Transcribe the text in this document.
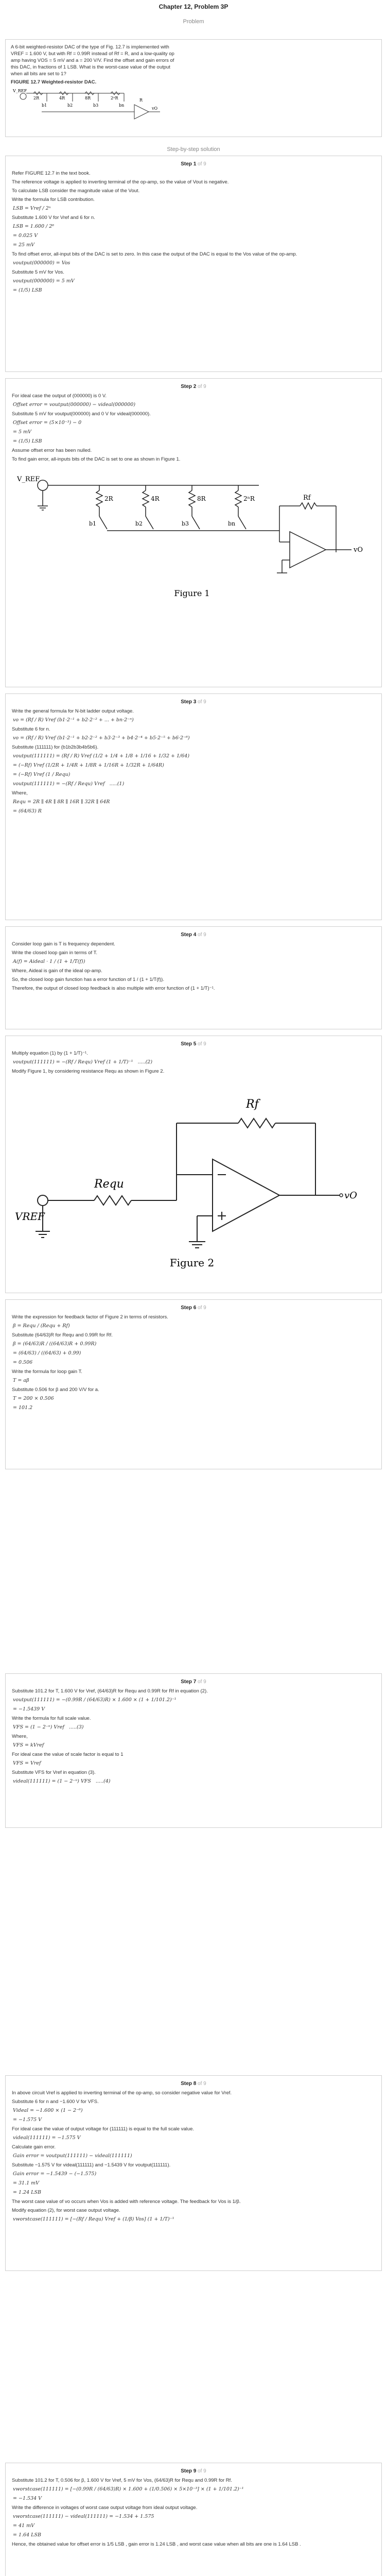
Chapter 12, Problem 3P
Problem
A 6-bit weighted-resistor DAC of the type of Fig. 12.7 is implemented with VREF = 1.600 V, but with Rf = 0.99R instead of Rf = R, and a low-quality op amp having VOS = 5 mV and a = 200 V/V. Find the offset and gain errors of this DAC, in fractions of 1 LSB. What is the worst-case value of the output when all bits are set to 1?
FIGURE 12.7 Weighted-resistor DAC.
V_REF
2R	4R	8R	2ⁿR
b1	b2	b3	bn
R
vO
Step-by-step solution
Step 1 of 9

Refer FIGURE 12.7 in the text book.

The reference voltage is applied to inverting terminal of the op-amp, so the value of Vout is negative.

To calculate LSB consider the magnitude value of the Vout.

Write the formula for LSB contribution.

LSB = Vref / 2ⁿ

Substitute 1.600 V for Vref and 6 for n.

LSB = 1.600 / 2⁶
= 0.025 V
= 25 mV

To find offset error, all-input bits of the DAC is set to zero. In this case the output of the DAC is equal to the Vos value of the op-amp.

voutput(000000) = Vos

Substitute 5 mV for Vos.

voutput(000000) = 5 mV
= (1/5) LSB
Step 2 of 9

For ideal case the output of (000000) is 0 V.

Offset error = voutput(000000) − videal(000000)

Substitute 5 mV for voutput(000000) and 0 V for videal(000000).

Offset error = (5×10⁻³) − 0
= 5 mV
= (1/5) LSB

Assume offset error has been nulled.

To find gain error, all-inputs bits of the DAC is set to one as shown in Figure 1.

V_REF
2R	4R	8R	2ⁿR
b1	b2	b3	bn
Rf
vO
Figure 1
Step 3 of 9

Write the general formula for N-bit ladder output voltage.

vo = (Rf / R) Vref (b1·2⁻¹ + b2·2⁻² + ... + bn·2⁻ⁿ)

Substitute 6 for n.

vo = (Rf / R) Vref (b1·2⁻¹ + b2·2⁻² + b3·2⁻³ + b4·2⁻⁴ + b5·2⁻⁵ + b6·2⁻⁶)

Substitute (111111) for (b1b2b3b4b5b6).

voutput(111111) = (Rf / R) Vref (1/2 + 1/4 + 1/8 + 1/16 + 1/32 + 1/64)
= (−Rf) Vref (1/2R + 1/4R + 1/8R + 1/16R + 1/32R + 1/64R)
= (−Rf) Vref (1 / Requ)
voutput(111111) = −(Rf / Requ) Vref   .....(1)

Where,

Requ = 2R ∥ 4R ∥ 8R ∥ 16R ∥ 32R ∥ 64R
= (64/63) R
Step 4 of 9

Consider loop gain is T is frequency dependent.

Write the closed loop gain in terms of T.

A(f) = Aideal · 1 / (1 + 1/T(f))

Where, Aideal is gain of the ideal op-amp.

So, the closed loop gain function has a error function of 1 / (1 + 1/T(f)).

Therefore, the output of closed loop feedback is also multiple with error function of (1 + 1/T)⁻¹.

Step 5 of 9

Multiply equation (1) by (1 + 1/T)⁻¹.

voutput(111111) = −(Rf / Requ) Vref (1 + 1/T)⁻¹   .....(2)

Modify Figure 1, by considering resistance Requ as shown in Figure 2.

Rf
Requ
VREF
vO
Figure 2
Step 6 of 9

Write the expression for feedback factor of Figure 2 in terms of resistors.

β = Requ / (Requ + Rf)

Substitute (64/63)R for Requ and 0.99R for Rf.

β = (64/63)R / ((64/63)R + 0.99R)
= (64/63) / ((64/63) + 0.99)
= 0.506

Write the formula for loop gain T.

T = aβ

Substitute 0.506 for β and 200 V/V for a.

T = 200 × 0.506
= 101.2
Step 7 of 9

Substitute 101.2 for T, 1.600 V for Vref, (64/63)R for Requ and 0.99R for Rf in equation (2).

voutput(111111) = −(0.99R / (64/63)R) × 1.600 × (1 + 1/101.2)⁻¹
= −1.5439 V

Write the formula for full scale value.

VFS = (1 − 2⁻ⁿ) Vref   .....(3)

Where,

VFS = kVref

For ideal case the value of scale factor is equal to 1

VFS = Vref

Substitute VFS for Vref in equation (3).

videal(111111) = (1 − 2⁻ⁿ) VFS   .....(4)
Step 8 of 9

In above circuit Vref is applied to inverting terminal of the op-amp, so consider negative value for Vref.

Substitute 6 for n and −1.600 V for VFS.

Videal = −1.600 × (1 − 2⁻⁶)
= −1.575 V

For ideal case the value of output voltage for (111111) is equal to the full scale value.

videal(111111) = −1.575 V

Calculate gain error.

Gain error = voutput(111111) − videal(111111)

Substitute −1.575 V for videal(111111) and −1.5439 V for voutput(111111).

Gain error = −1.5439 − (−1.575)
= 31.1 mV
= 1.24 LSB

The worst case value of vo occurs when Vos is added with reference voltage. The feedback for Vos is 1/β.

Modify equation (2), for worst case output voltage.

vworstcase(111111) = [−(Rf / Requ) Vref + (1/β) Vos] (1 + 1/T)⁻¹
Step 9 of 9

Substitute 101.2 for T, 0.506 for β, 1.600 V for Vref, 5 mV for Vos, (64/63)R for Requ and 0.99R for Rf.

vworstcase(111111) = [−(0.99R / (64/63)R) × 1.600 + (1/0.506) × 5×10⁻³] × (1 + 1/101.2)⁻¹
= −1.534 V

Write the difference in voltages of worst case output voltage from ideal output voltage.

vworstcase(111111) − videal(111111) = −1.534 + 1.575
= 41 mV
= 1.64 LSB

Hence, the obtained value for offset error is 1/5 LSB , gain error is 1.24 LSB , and worst case value when all bits are one is 1.64 LSB .
